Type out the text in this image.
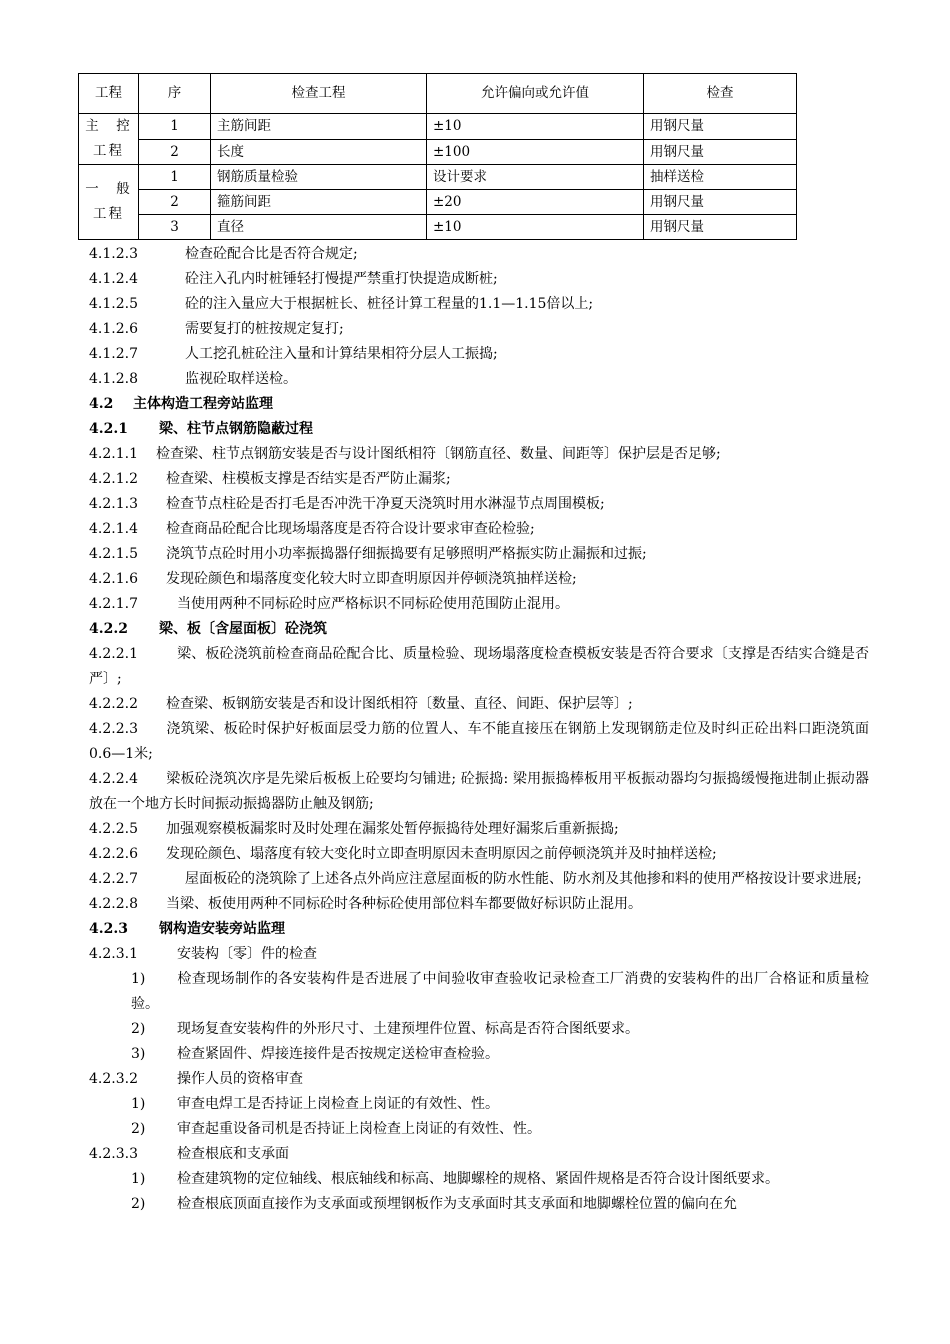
工程	序	检查工程	允许偏向或允许值	检查

主　控
工程	1	主筋间距	±10	用钢尺量
	2	长度	±100	用钢尺量

一　般
工程	1	钢筋质量检验	设计要求	抽样送检
	2	箍筋间距	±20	用钢尺量
	3	直径	±10	用钢尺量
4.1.2.3	检查砼配合比是否符合规定;
4.1.2.4	砼注入孔内时桩锤轻打慢提严禁重打快提造成断桩;
4.1.2.5	砼的注入量应大于根据桩长、桩径计算工程量的1.1—1.15倍以上;
4.1.2.6	需要复打的桩按规定复打;
4.1.2.7	人工挖孔桩砼注入量和计算结果相符分层人工振捣;
4.1.2.8	监视砼取样送检。
4.2 主体构造工程旁站监理
4.2.1 梁、柱节点钢筋隐蔽过程
4.2.1.1 检查梁、柱节点钢筋安装是否与设计图纸相符〔钢筋直径、数量、间距等〕保护层是否足够;
4.2.1.2 检查梁、柱模板支撑是否结实是否严防止漏浆;
4.2.1.3 检查节点柱砼是否打毛是否冲洗干净夏天浇筑时用水淋湿节点周围模板;
4.2.1.4 检查商品砼配合比现场塌落度是否符合设计要求审查砼检验;
4.2.1.5 浇筑节点砼时用小功率振捣器仔细振捣要有足够照明严格振实防止漏振和过振;
4.2.1.6 发现砼颜色和塌落度变化较大时立即查明原因并停顿浇筑抽样送检;
4.2.1.7	当使用两种不同标砼时应严格标识不同标砼使用范围防止混用。
4.2.2 梁、板〔含屋面板〕砼浇筑
4.2.2.1	梁、板砼浇筑前检查商品砼配合比、质量检验、现场塌落度检查模板安装是否符合要求〔支撑是否结实合缝是否严〕;
4.2.2.2 检查梁、板钢筋安装是否和设计图纸相符〔数量、直径、间距、保护层等〕;
4.2.2.3 浇筑梁、板砼时保护好板面层受力筋的位置人、车不能直接压在钢筋上发现钢筋走位及时纠正砼出料口距浇筑面0.6—1米;
4.2.2.4 梁板砼浇筑次序是先梁后板板上砼要均匀铺进; 砼振捣: 梁用振捣棒板用平板振动器均匀振捣缓慢拖进制止振动器放在一个地方长时间振动振捣器防止触及钢筋;
4.2.2.5 加强观察模板漏浆时及时处理在漏浆处暂停振捣待处理好漏浆后重新振捣;
4.2.2.6 发现砼颜色、塌落度有较大变化时立即查明原因未查明原因之前停顿浇筑并及时抽样送检;
4.2.2.7	屋面板砼的浇筑除了上述各点外尚应注意屋面板的防水性能、防水剂及其他掺和料的使用严格按设计要求进展;
4.2.2.8 当梁、板使用两种不同标砼时各种标砼使用部位料车都要做好标识防止混用。
4.2.3 钢构造安装旁站监理
4.2.3.1	安装构〔零〕件的检查
1) 检查现场制作的各安装构件是否进展了中间验收审查验收记录检查工厂消费的安装构件的出厂合格证和质量检验。
2) 现场复查安装构件的外形尺寸、土建预埋件位置、标高是否符合图纸要求。
3) 检查紧固件、焊接连接件是否按规定送检审查检验。
4.2.3.2	操作人员的资格审查
1) 审查电焊工是否持证上岗检查上岗证的有效性、性。
2) 审查起重设备司机是否持证上岗检查上岗证的有效性、性。
4.2.3.3	检查根底和支承面
1) 检查建筑物的定位轴线、根底轴线和标高、地脚螺栓的规格、紧固件规格是否符合设计图纸要求。
2) 检查根底顶面直接作为支承面或预埋钢板作为支承面时其支承面和地脚螺栓位置的偏向在允
